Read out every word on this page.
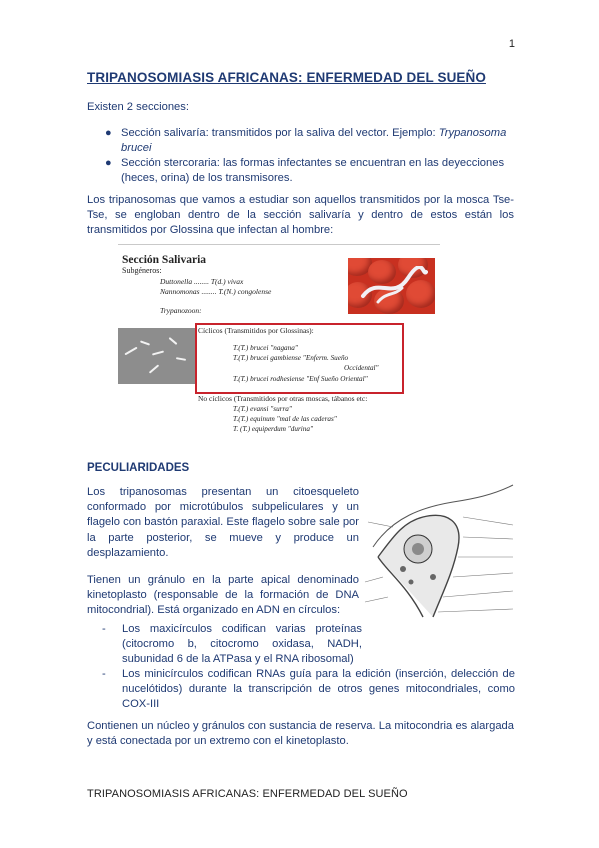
1
TRIPANOSOMIASIS AFRICANAS: ENFERMEDAD DEL SUEÑO
Existen 2 secciones:
● Sección salivaría: transmitidos por la saliva del vector. Ejemplo: Trypanosoma brucei
● Sección stercoraria: las formas infectantes se encuentran en las deyecciones (heces, orina) de los transmisores.
Los tripanosomas que vamos a estudiar son aquellos transmitidos por la mosca Tse-Tse, se engloban dentro de la sección salivaría y dentro de estos están los transmitidos por Glossina que infectan al hombre:
Sección Salivaria
Subgéneros:
Duttonella ........ T(d.) vivax
Nannomonas ........ T.(N.) congolense
Trypanozoon:
Cíclicos (Transmitidos por Glossinas):
T.(T.) brucei "nagana"
T.(T.) brucei gambiense "Enferm. Sueño
Occidental"
T.(T.) brucei rodhesiense "Enf Sueño Oriental"
No cíclicos (Transmitidos por otras moscas, tábanos etc:
T.(T.) evansi "surra"
T.(T.) equinum "mal de las caderas"
T. (T.) equiperdum "durina"
PECULIARIDADES
Los tripanosomas presentan un citoesqueleto conformado por microtúbulos subpeliculares y un flagelo con bastón paraxial. Este flagelo sobre sale por la parte posterior, se mueve y produce un desplazamiento.
Tienen un gránulo en la parte apical denominado kinetoplasto (responsable de la formación de DNA mitocondrial). Está organizado en ADN en círculos:
- Los maxicírculos codifican varias proteínas (citocromo b, citocromo oxidasa, NADH, subunidad 6 de la ATPasa y el RNA ribosomal)
- Los minicírculos codifican RNAs guía para la edición (inserción, delección de nucelótidos) durante la transcripción de otros genes mitocondriales, como COX-III
Contienen un núcleo y gránulos con sustancia de reserva. La mitocondria es alargada y está conectada por un extremo con el kinetoplasto.
TRIPANOSOMIASIS AFRICANAS: ENFERMEDAD DEL SUEÑO
